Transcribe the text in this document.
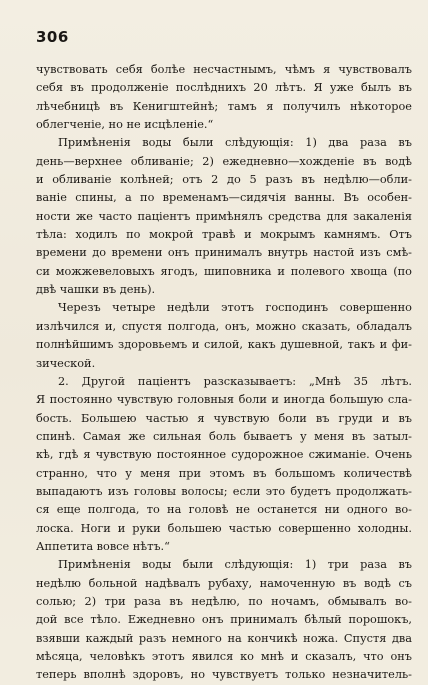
306
чувствовать себя болѣе несчастнымъ, чѣмъ я чувствовалъ
себя въ продолженіе послѣднихъ 20 лѣтъ. Я уже былъ въ
лѣчебницѣ въ Кенигштейнѣ; тамъ я получилъ нѣкоторое
облегченіе, но не исцѣленіе.“
Примѣненія воды были слѣдующія: 1) два раза въ
день—верхнее обливаніе; 2) ежедневно—хожденіе въ водѣ
и обливаніе колѣней; отъ 2 до 5 разъ въ недѣлю—обли-
ваніе спины, а по временамъ—сидячія ванны. Въ особен-
ности же часто паціентъ примѣнялъ средства для закаленія
тѣла: ходилъ по мокрой травѣ и мокрымъ камнямъ. Отъ
времени до времени онъ принималъ внутрь настой изъ смѣ-
си можжевеловыхъ ягодъ, шиповника и полевого хвоща (по
двѣ чашки въ день).
Черезъ четыре недѣли этотъ господинъ совершенно
излѣчился и, спустя полгода, онъ, можно сказать, обладалъ
полнѣйшимъ здоровьемъ и силой, какъ душевной, такъ и фи-
зической.
2. Другой паціентъ разсказываетъ: „Мнѣ 35 лѣтъ.
Я постоянно чувствую головныя боли и иногда большую сла-
бость. Большею частью я чувствую боли въ груди и въ
спинѣ. Самая же сильная боль бываетъ у меня въ затыл-
кѣ, гдѣ я чувствую постоянное судорожное сжиманіе. Очень
странно, что у меня при этомъ въ большомъ количествѣ
выпадаютъ изъ головы волосы; если это будетъ продолжать-
ся еще полгода, то на головѣ не останется ни одного во-
лоска. Ноги и руки большею частью совершенно холодны.
Аппетита вовсе нѣтъ.“
Примѣненія воды были слѣдующія: 1) три раза въ
недѣлю больной надѣвалъ рубаху, намоченную въ водѣ съ
солью; 2) три раза въ недѣлю, по ночамъ, обмывалъ во-
дой все тѣло. Ежедневно онъ принималъ бѣлый порошокъ,
взявши каждый разъ немного на кончикѣ ножа. Спустя два
мѣсяца, человѣкъ этотъ явился ко мнѣ и сказалъ, что онъ
теперь вполнѣ здоровъ, но чувствуетъ только незначитель-
